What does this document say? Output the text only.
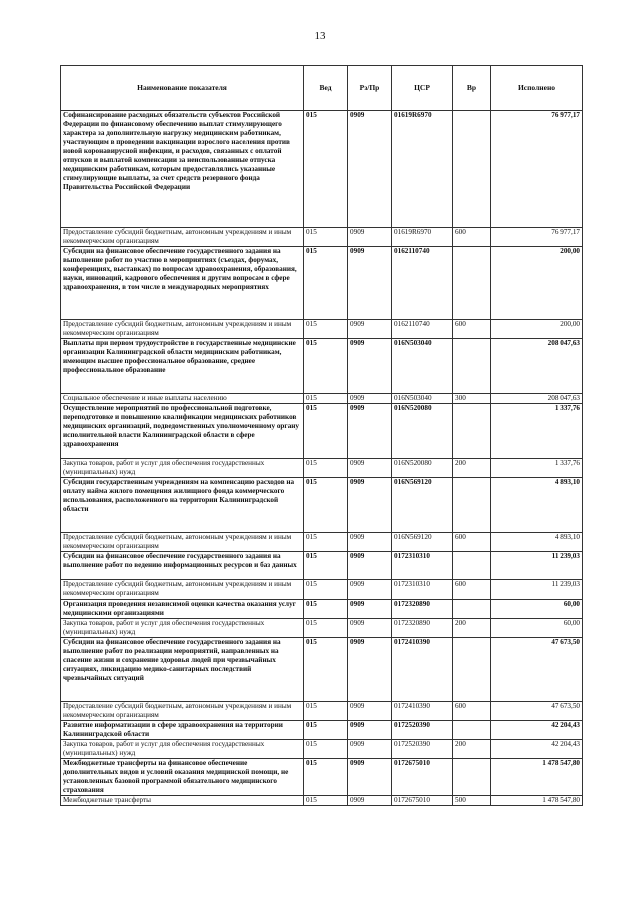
13
Наименование показателя	Вед	Рз/Пр	ЦСР	Вр	Исполнено
Софинансирование расходных обязательств субъектов Российской Федерации по финансовому обеспечению выплат стимулирующего характера за дополнительную нагрузку медицинским работникам, участвующим в проведении вакцинации взрослого населения против новой коронавирусной инфекции, и расходов, связанных с оплатой отпусков и выплатой компенсации за неиспользованные отпуска медицинским работникам, которым предоставлялись указанные стимулирующие выплаты, за счет средств резервного фонда Правительства Российской Федерации	015	0909	01619R6970		76 977,17
Предоставление субсидий бюджетным, автономным учреждениям и иным некоммерческим организациям	015	0909	01619R6970	600	76 977,17
Субсидии на финансовое обеспечение государственного задания на выполнение работ по участию в мероприятиях (съездах, форумах, конференциях, выставках) по вопросам здравоохранения, образования, науки, инноваций, кадрового обеспечения и другим вопросам в сфере здравоохранения, в том числе в международных мероприятиях	015	0909	0162110740		200,00
Предоставление субсидий бюджетным, автономным учреждениям и иным некоммерческим организациям	015	0909	0162110740	600	200,00
Выплаты при первом трудоустройстве в государственные медицинские организации Калининградской области медицинским работникам, имеющим высшее профессиональное образование, среднее профессиональное образование	015	0909	016N503040		208 047,63
Социальное обеспечение и иные выплаты населению	015	0909	016N503040	300	208 047,63
Осуществление мероприятий по профессиональной подготовке, переподготовке и повышению квалификации медицинских работников медицинских организаций, подведомственных уполномоченному органу исполнительной власти Калининградской области в сфере здравоохранения	015	0909	016N520080		1 337,76
Закупка товаров, работ и услуг для обеспечения государственных (муниципальных) нужд	015	0909	016N520080	200	1 337,76
Субсидии государственным учреждениям на компенсацию расходов на оплату найма жилого помещения жилищного фонда коммерческого использования, расположенного на территории Калининградской области	015	0909	016N569120		4 893,10
Предоставление субсидий бюджетным, автономным учреждениям и иным некоммерческим организациям	015	0909	016N569120	600	4 893,10
Субсидии на финансовое обеспечение государственного задания на выполнение работ по ведению информационных ресурсов и баз данных	015	0909	0172310310		11 239,03
Предоставление субсидий бюджетным, автономным учреждениям и иным некоммерческим организациям	015	0909	0172310310	600	11 239,03
Организация проведения независимой оценки качества оказания услуг медицинскими организациями	015	0909	0172320890		60,00
Закупка товаров, работ и услуг для обеспечения государственных (муниципальных) нужд	015	0909	0172320890	200	60,00
Субсидии на финансовое обеспечение государственного задания на выполнение работ по реализации мероприятий, направленных на спасение жизни и сохранение здоровья людей при чрезвычайных ситуациях, ликвидацию медико-санитарных последствий чрезвычайных ситуаций	015	0909	0172410390		47 673,50
Предоставление субсидий бюджетным, автономным учреждениям и иным некоммерческим организациям	015	0909	0172410390	600	47 673,50
Развитие информатизации в сфере здравоохранения на территории Калининградской области	015	0909	0172520390		42 204,43
Закупка товаров, работ и услуг для обеспечения государственных (муниципальных) нужд	015	0909	0172520390	200	42 204,43
Межбюджетные трансферты на финансовое обеспечение дополнительных видов и условий оказания медицинской помощи, не установленных базовой программой обязательного медицинского страхования	015	0909	0172675010		1 478 547,80
Межбюджетные трансферты	015	0909	0172675010	500	1 478 547,80
